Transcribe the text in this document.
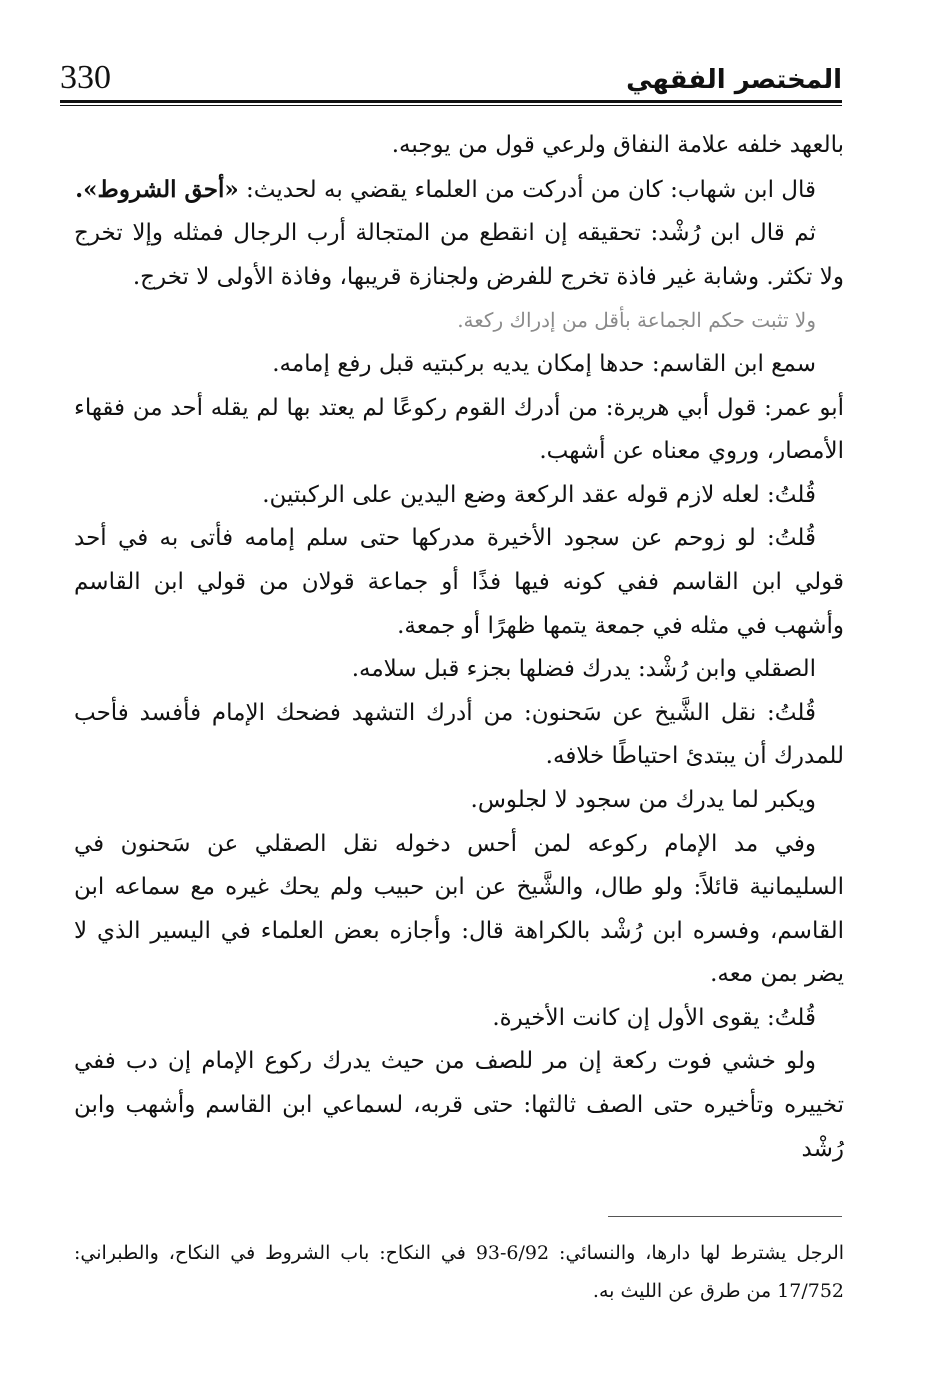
330	المختصر الفقهي

بالعهد خلفه علامة النفاق ولرعي قول من يوجبه.

قال ابن شهاب: كان من أدركت من العلماء يقضي به لحديث: «أحق الشروط».

ثم قال ابن رُشْد: تحقيقه إن انقطع من المتجالة أرب الرجال فمثله وإلا تخرج ولا تكثر. وشابة غير فاذة تخرج للفرض ولجنازة قريبها، وفاذة الأولى لا تخرج.

ولا تثبت حكم الجماعة بأقل من إدراك ركعة.

سمع ابن القاسم: حدها إمكان يديه بركبتيه قبل رفع إمامه.

أبو عمر: قول أبي هريرة: من أدرك القوم ركوعًا لم يعتد بها لم يقله أحد من فقهاء الأمصار، وروي معناه عن أشهب.

قُلتُ: لعله لازم قوله عقد الركعة وضع اليدين على الركبتين.

قُلتُ: لو زوحم عن سجود الأخيرة مدركها حتى سلم إمامه فأتى به في أحد قولي ابن القاسم ففي كونه فيها فذًا أو جماعة قولان من قولي ابن القاسم وأشهب في مثله في جمعة يتمها ظهرًا أو جمعة.

الصقلي وابن رُشْد: يدرك فضلها بجزء قبل سلامه.

قُلتُ: نقل الشَّيخ عن سَحنون: من أدرك التشهد فضحك الإمام فأفسد فأحب للمدرك أن يبتدئ احتياطًا خلافه.

ويكبر لما يدرك من سجود لا لجلوس.

وفي مد الإمام ركوعه لمن أحس دخوله نقل الصقلي عن سَحنون في السليمانية قائلاً: ولو طال، والشَّيخ عن ابن حبيب ولم يحك غيره مع سماعه ابن القاسم، وفسره ابن رُشْد بالكراهة قال: وأجازه بعض العلماء في اليسير الذي لا يضر بمن معه.

قُلتُ: يقوى الأول إن كانت الأخيرة.

ولو خشي فوت ركعة إن مر للصف من حيث يدرك ركوع الإمام إن دب ففي تخييره وتأخيره حتى الصف ثالثها: حتى قربه، لسماعي ابن القاسم وأشهب وابن رُشْد

الرجل يشترط لها دارها، والنسائي: 6/92-93 في النكاح: باب الشروط في النكاح، والطبراني: 17/752 من طرق عن الليث به.
